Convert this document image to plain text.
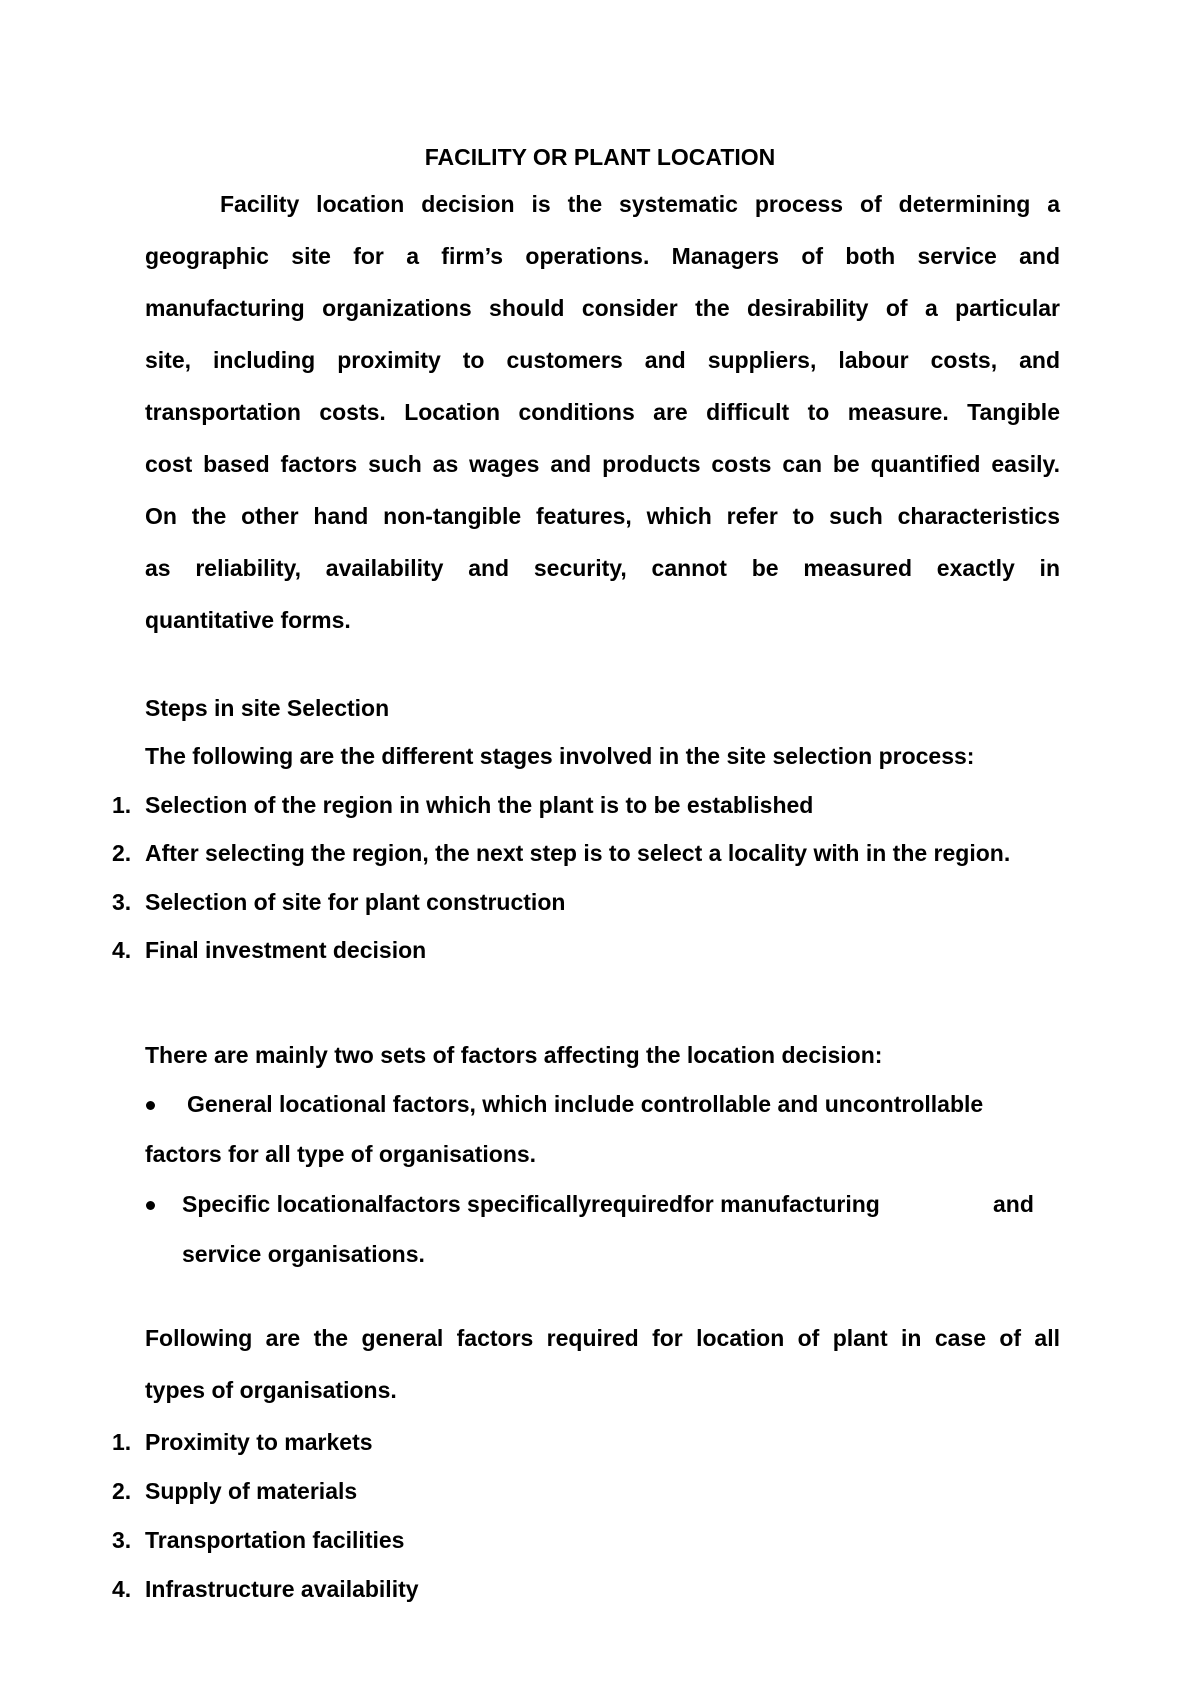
FACILITY OR PLANT LOCATION
Facility location decision is the systematic process of determining a
geographic site for a firm’s operations. Managers of both service and
manufacturing organizations should consider the desirability of a particular
site, including proximity to customers and suppliers, labour costs, and
transportation costs. Location conditions are difficult to measure. Tangible
cost based factors such as wages and products costs can be quantified easily.
On the other hand non-tangible features, which refer to such characteristics
as reliability, availability and security, cannot be measured exactly in
quantitative forms.
Steps in site Selection
The following are the different stages involved in the site selection process:
1. Selection of the region in which the plant is to be established
2. After selecting the region, the next step is to select a locality with in the region.
3. Selection of site for plant construction
4. Final investment decision
There are mainly two sets of factors affecting the location decision:
General locational factors, which include controllable and uncontrollable
factors for all type of organisations.
Specific locationalfactors specificallyrequiredfor manufacturing	and
service organisations.
Following are the general factors required for location of plant in case of all
types of organisations.
1. Proximity to markets
2. Supply of materials
3. Transportation facilities
4. Infrastructure availability
